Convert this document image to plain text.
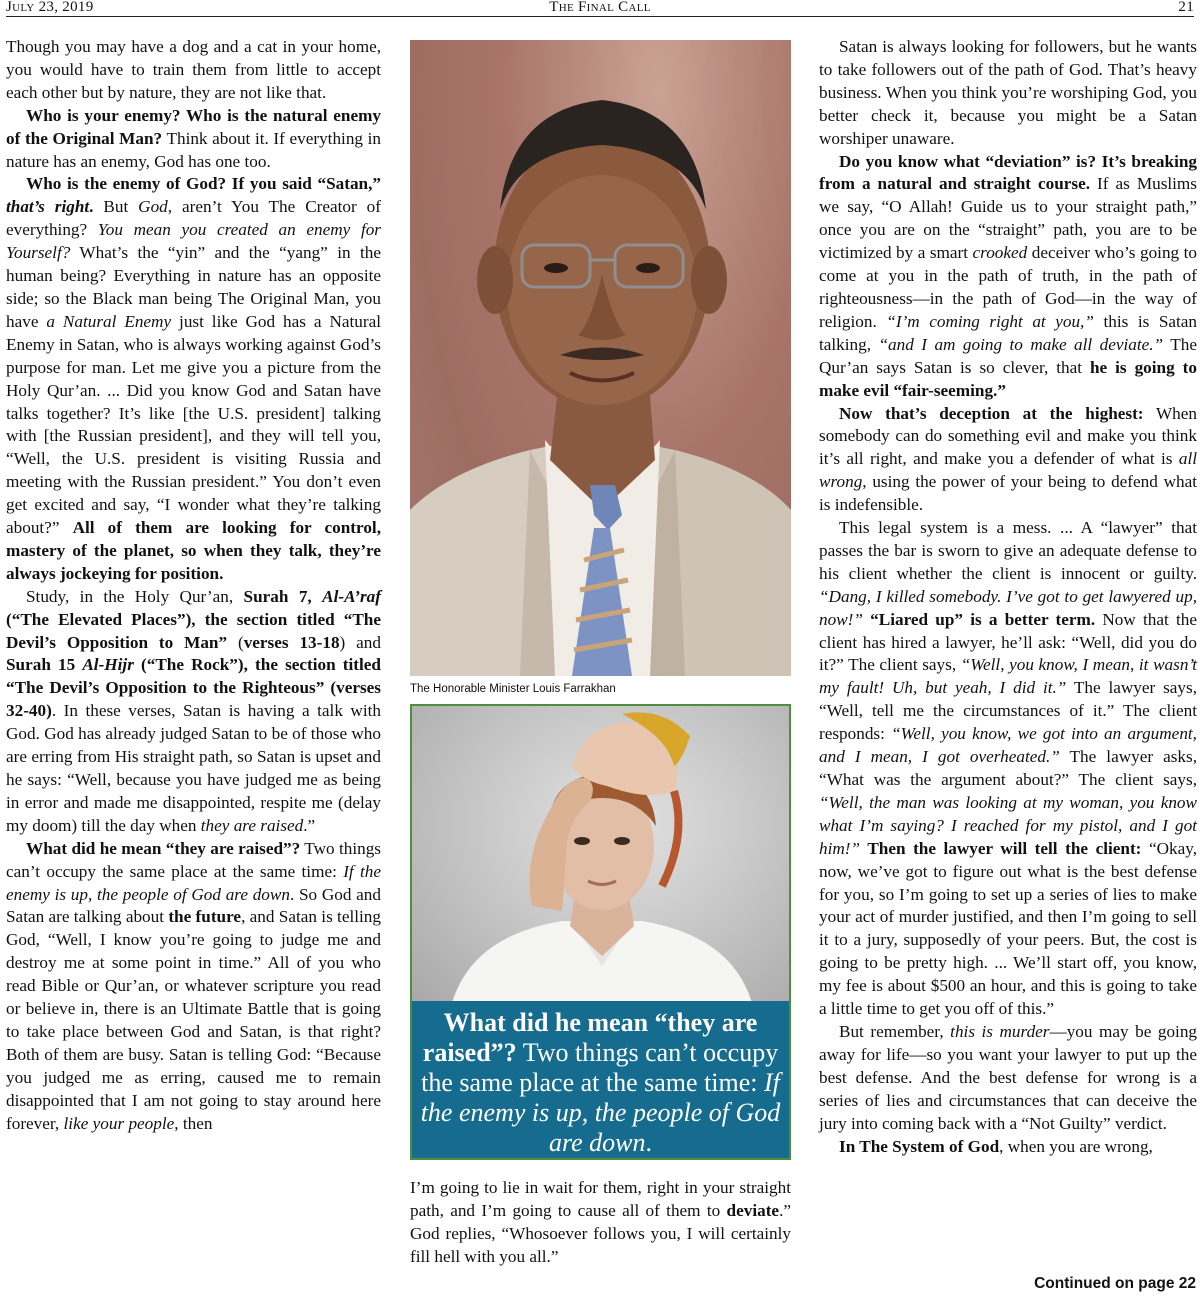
July 23, 2019	The Final Call	21

Though you may have a dog and a cat in your home, you would have to train them from little to accept each other but by nature, they are not like that.

Who is your enemy? Who is the natural enemy of the Original Man? Think about it. If everything in nature has an enemy, God has one too.

Who is the enemy of God? If you said “Satan,” that’s right. But God, aren’t You The Creator of everything? You mean you created an enemy for Yourself? What’s the “yin” and the “yang” in the human being? Everything in nature has an opposite side; so the Black man being The Original Man, you have a Natural Enemy just like God has a Natural Enemy in Satan, who is always working against God’s purpose for man. Let me give you a picture from the Holy Qur’an. ... Did you know God and Satan have talks together? It’s like [the U.S. president] talking with [the Russian president], and they will tell you, “Well, the U.S. president is visiting Russia and meeting with the Russian president.” You don’t even get excited and say, “I wonder what they’re talking about?” All of them are looking for control, mastery of the planet, so when they talk, they’re always jockeying for position.

Study, in the Holy Qur’an, Surah 7, Al-A’raf (“The Elevated Places”), the section titled “The Devil’s Opposition to Man” (verses 13-18) and Surah 15 Al-Hijr (“The Rock”), the section titled “The Devil’s Opposition to the Righteous” (verses 32-40). In these verses, Satan is having a talk with God. God has already judged Satan to be of those who are erring from His straight path, so Satan is upset and he says: “Well, because you have judged me as being in error and made me disappointed, respite me (delay my doom) till the day when they are raised.”

What did he mean “they are raised”? Two things can’t occupy the same place at the same time: If the enemy is up, the people of God are down. So God and Satan are talking about the future, and Satan is telling God, “Well, I know you’re going to judge me and destroy me at some point in time.” All of you who read Bible or Qur’an, or whatever scripture you read or believe in, there is an Ultimate Battle that is going to take place between God and Satan, is that right? Both of them are busy. Satan is telling God: “Because you judged me as erring, caused me to remain disappointed that I am not going to stay around here forever, like your people, then

The Honorable Minister Louis Farrakhan
What did he mean “they are raised”? Two things can’t occupy the same place at the same time: If the enemy is up, the people of God are down.

I’m going to lie in wait for them, right in your straight path, and I’m going to cause all of them to deviate.” God replies, “Whosoever follows you, I will certainly fill hell with you all.”

Satan is always looking for followers, but he wants to take followers out of the path of God. That’s heavy business. When you think you’re worshiping God, you better check it, because you might be a Satan worshiper unaware.

Do you know what “deviation” is? It’s breaking from a natural and straight course. If as Muslims we say, “O Allah! Guide us to your straight path,” once you are on the “straight” path, you are to be victimized by a smart crooked deceiver who’s going to come at you in the path of truth, in the path of righteousness—in the path of God—in the way of religion. “I’m coming right at you,” this is Satan talking, “and I am going to make all deviate.” The Qur’an says Satan is so clever, that he is going to make evil “fair-seeming.”

Now that’s deception at the highest: When somebody can do something evil and make you think it’s all right, and make you a defender of what is all wrong, using the power of your being to defend what is indefensible.

This legal system is a mess. ... A “lawyer” that passes the bar is sworn to give an adequate defense to his client whether the client is innocent or guilty. “Dang, I killed somebody. I’ve got to get lawyered up, now!” “Liared up” is a better term. Now that the client has hired a lawyer, he’ll ask: “Well, did you do it?” The client says, “Well, you know, I mean, it wasn’t my fault! Uh, but yeah, I did it.” The lawyer says, “Well, tell me the circumstances of it.” The client responds: “Well, you know, we got into an argument, and I mean, I got overheated.” The lawyer asks, “What was the argument about?” The client says, “Well, the man was looking at my woman, you know what I’m saying? I reached for my pistol, and I got him!” Then the lawyer will tell the client: “Okay, now, we’ve got to figure out what is the best defense for you, so I’m going to set up a series of lies to make your act of murder justified, and then I’m going to sell it to a jury, supposedly of your peers. But, the cost is going to be pretty high. ... We’ll start off, you know, my fee is about $500 an hour, and this is going to take a little time to get you off of this.”

But remember, this is murder—you may be going away for life—so you want your lawyer to put up the best defense. And the best defense for wrong is a series of lies and circumstances that can deceive the jury into coming back with a “Not Guilty” verdict.

In The System of God, when you are wrong,

Continued on page 22
